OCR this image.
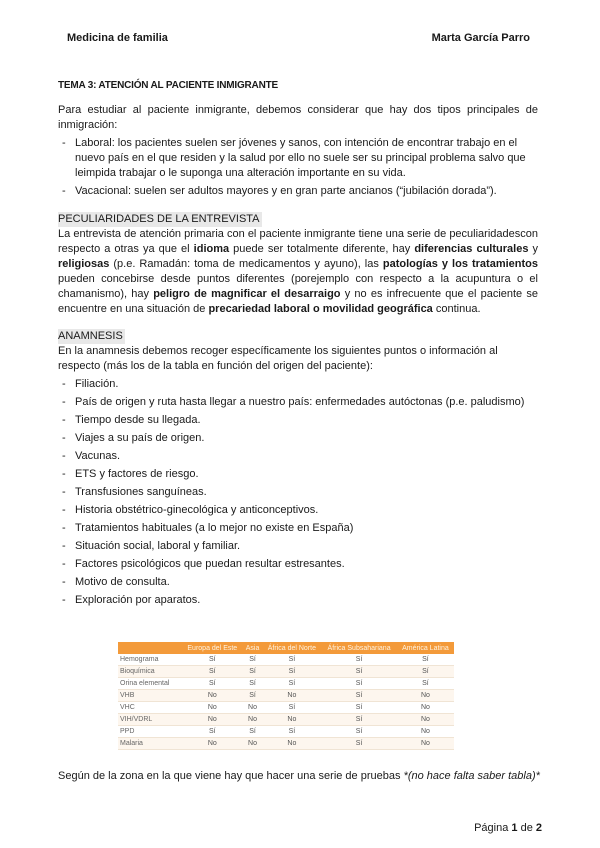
Medicina de familia	Marta García Parro
TEMA 3: ATENCIÓN AL PACIENTE INMIGRANTE

Para estudiar al paciente inmigrante, debemos considerar que hay dos tipos principales de inmigración:

- Laboral: los pacientes suelen ser jóvenes y sanos, con intención de encontrar trabajo en el
nuevo país en el que residen y la salud por ello no suele ser su principal problema salvo que leimpida trabajar o le suponga una alteración importante en su vida.
- Vacacional: suelen ser adultos mayores y en gran parte ancianos (“jubilación dorada”).
PECULIARIDADES DE LA ENTREVISTA

La entrevista de atención primaria con el paciente inmigrante tiene una serie de peculiaridadescon respecto a otras ya que el idioma puede ser totalmente diferente, hay diferencias culturales y religiosas (p.e. Ramadán: toma de medicamentos y ayuno), las patologías y los tratamientos pueden concebirse desde puntos diferentes (porejemplo con respecto a la acupuntura o el chamanismo), hay peligro de magnificar el desarraigo y no es infrecuente que el paciente se encuentre en una situación de precariedad laboral o movilidad geográfica continua.

ANAMNESIS

En la anamnesis debemos recoger específicamente los siguientes puntos o información al respecto (más los de la tabla en función del origen del paciente):

- Filiación.
- País de origen y ruta hasta llegar a nuestro país: enfermedades autóctonas (p.e. paludismo)
- Tiempo desde su llegada.
- Viajes a su país de origen.
- Vacunas.
- ETS y factores de riesgo.
- Transfusiones sanguíneas.
- Historia obstétrico-ginecológica y anticonceptivos.
- Tratamientos habituales (a lo mejor no existe en España)
- Situación social, laboral y familiar.
- Factores psicológicos que puedan resultar estresantes.
- Motivo de consulta.
- Exploración por aparatos.
	Europa del Este	Asia	África del Norte	África Subsahariana	América Latina
Hemograma	Sí	Sí	Sí	Sí	Sí
Bioquímica	Sí	Sí	Sí	Sí	Sí
Orina elemental	Sí	Sí	Sí	Sí	Sí
VHB	No	Sí	No	Sí	No
VHC	No	No	Sí	Sí	No
VIH/VDRL	No	No	No	Sí	No
PPD	Sí	Sí	Sí	Sí	No
Malaria	No	No	No	Sí	No
Según de la zona en la que viene hay que hacer una serie de pruebas *(no hace falta saber tabla)*
Página 1 de 2
